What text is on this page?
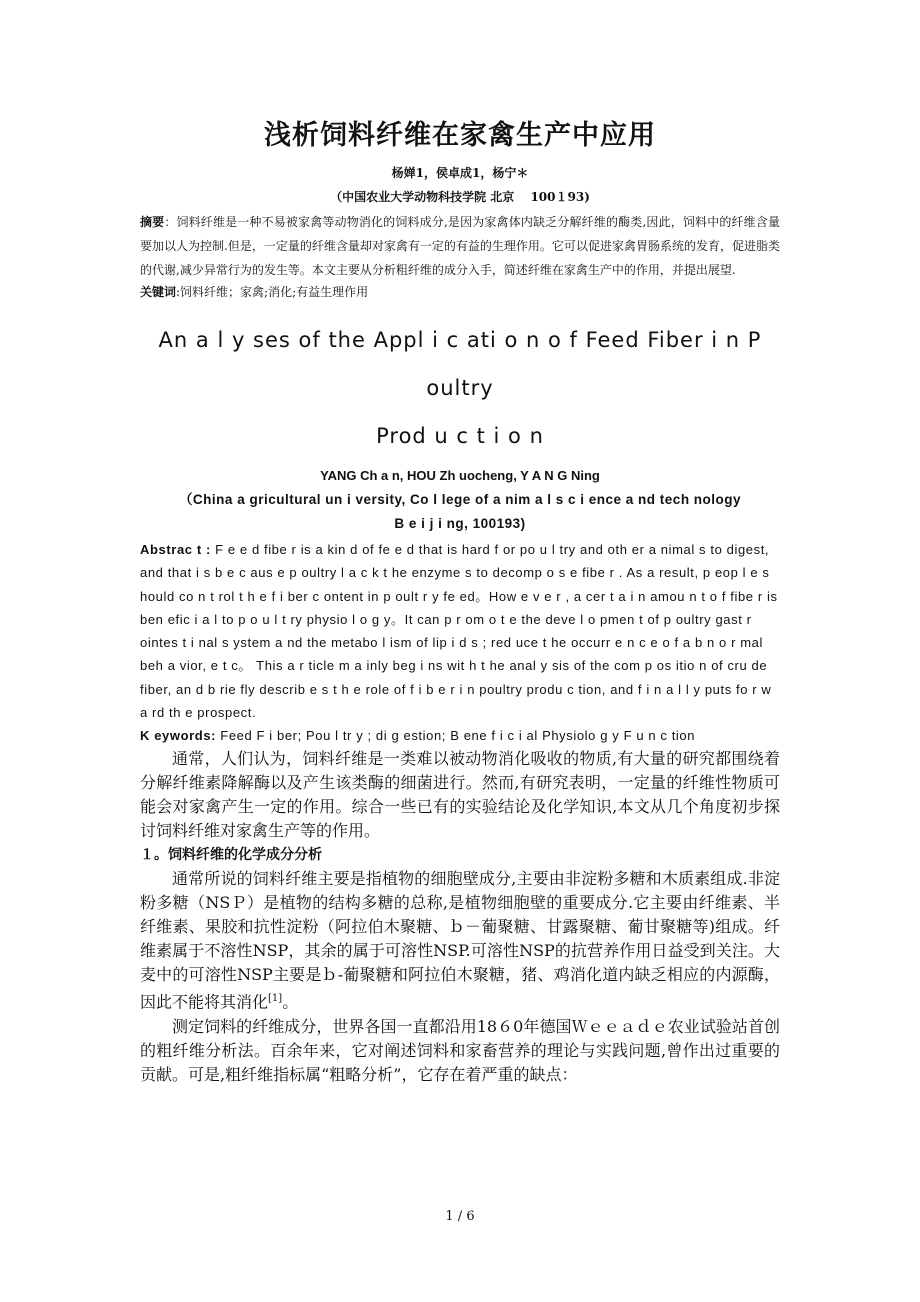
浅析饲料纤维在家禽生产中应用
杨婵1，侯卓成1，杨宁＊
（中国农业大学动物科技学院 北京　 100１93)
摘要：饲料纤维是一种不易被家禽等动物消化的饲料成分,是因为家禽体内缺乏分解纤维的酶类,因此，饲料中的纤维含量要加以人为控制.但是，一定量的纤维含量却对家禽有一定的有益的生理作用。它可以促进家禽胃肠系统的发育，促进脂类的代谢,减少异常行为的发生等。本文主要从分析粗纤维的成分入手，简述纤维在家禽生产中的作用，并提出展望.
关键词:饲料纤维；家禽;消化;有益生理作用
An a l y ses of the Appl i c ati o n o f Feed Fiber i n P oultry
Prod u c t i o n
YANG Ch a n, HOU Zh uocheng, Y A N G Ning
（China a gricultural un i versity, Co l lege of a nim a l s c i ence a nd tech nology
B e i j i ng, 100193)
Abstrac t : F e e d fibe r is a kin d of fe e d that is hard f or po u l try and oth er a nimal s to digest, and that i s b e c aus e p oultry l a c k t he enzyme s to decomp o s e fibe r . As a result, p eop l e s hould co n t rol t h e f i ber c ontent in p oult r y fe ed。How e v e r , a cer t a i n amou n t o f fibe r is ben efic i a l to p o u l t ry physio l o g y。It can p r om o t e the deve l o pmen t of p oultry gast r ointes t i nal s ystem a nd the metabo l ism of lip i d s ; red uce t he occurr e n c e o f a b n o r mal beh a vior, e t c。 This a r ticle m a inly beg i ns wit h t he anal y sis of the com p os itio n of cru de fiber, an d b rie fly describ e s t h e role of f i b e r i n poultry produ c tion, and f i n a l l y puts fo r w a rd th e prospect.
K eywords: Feed F i ber; Pou l tr y ; di g estion; B ene f i c i al Physiolo g y F u n c tion

通常，人们认为，饲料纤维是一类难以被动物消化吸收的物质,有大量的研究都围绕着分解纤维素降解酶以及产生该类酶的细菌进行。然而,有研究表明，一定量的纤维性物质可能会对家禽产生一定的作用。综合一些已有的实验结论及化学知识,本文从几个角度初步探讨饲料纤维对家禽生产等的作用。

１。饲料纤维的化学成分分析

通常所说的饲料纤维主要是指植物的细胞壁成分,主要由非淀粉多糖和木质素组成.非淀粉多糖（NSＰ）是植物的结构多糖的总称,是植物细胞壁的重要成分.它主要由纤维素、半纤维素、果胶和抗性淀粉（阿拉伯木聚糖、ｂ－葡聚糖、甘露聚糖、葡甘聚糖等)组成。纤维素属于不溶性NSP，其余的属于可溶性NSP.可溶性NSP的抗营养作用日益受到关注。大麦中的可溶性NSP主要是ｂ-葡聚糖和阿拉伯木聚糖，猪、鸡消化道内缺乏相应的内源酶，因此不能将其消化[1]。

测定饲料的纤维成分，世界各国一直都沿用18６0年德国Ｗｅｅａｄｅ农业试验站首创的粗纤维分析法。百余年来，它对阐述饲料和家畜营养的理论与实践问题,曾作出过重要的贡献。可是,粗纤维指标属“粗略分析”，它存在着严重的缺点：

1 / 6
